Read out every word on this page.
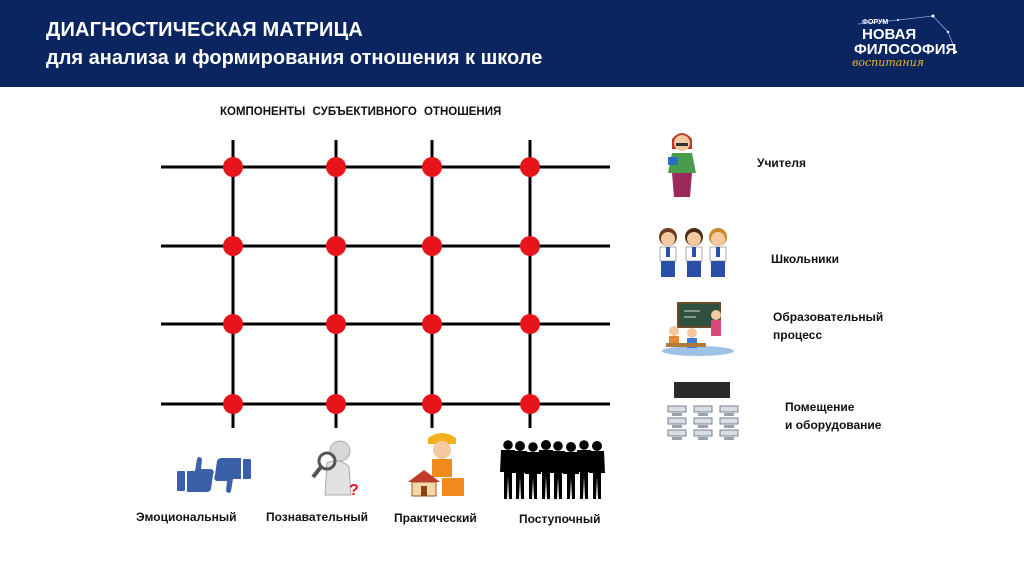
ДИАГНОСТИЧЕСКАЯ МАТРИЦА
для анализа и формирования отношения к школе
ФОРУМ
НОВАЯ
ФИЛОСОФИЯ
воспитания
КОМПОНЕНТЫ СУБЪЕКТИВНОГО ОТНОШЕНИЯ
?
Эмоциональный Познавательный Практический	Поступочный
Учителя
Школьники
Образовательный
процесс
Помещение
и оборудование
